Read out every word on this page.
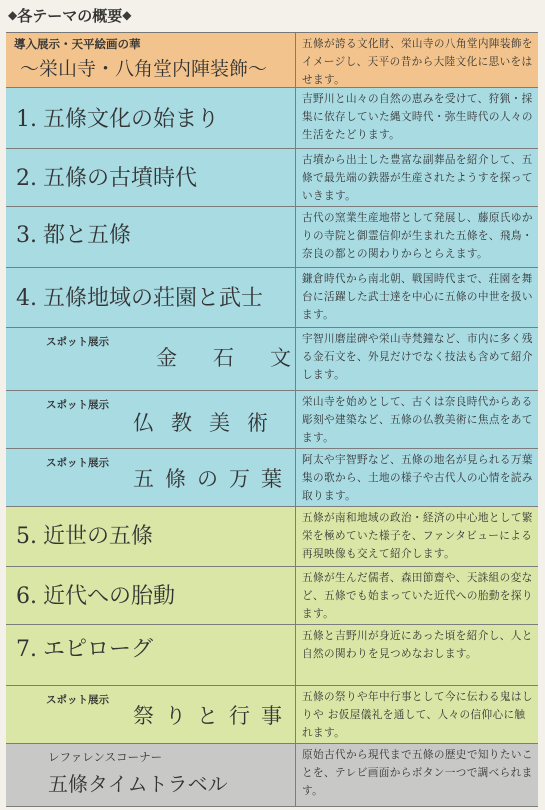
◆ 各テーマの概要 ◆
導入展示・天平絵画の華
～栄山寺・八角堂内陣装飾～
五條が誇る文化財、栄山寺の八角堂内陣装飾をイメージし、天平の昔から大陸文化に思いをはせます。
1. 五條文化の始まり
吉野川と山々の自然の恵みを受けて、狩猟・採集に依存していた縄文時代・弥生時代の人々の生活をたどります。
2. 五條の古墳時代
古墳から出土した豊富な副葬品を紹介して、五條で最先端の鉄器が生産されたようすを探っていきます。
3. 都と五條
古代の窯業生産地帯として発展し、藤原氏ゆかりの寺院と御霊信仰が生まれた五條を、飛鳥・奈良の都との関わりからとらえます。
4. 五條地域の荘園と武士
鎌倉時代から南北朝、戦国時代まで、荘園を舞台に活躍した武士達を中心に五條の中世を扱います。
スポット展示
金石文
宇智川磨崖碑や栄山寺梵鐘など、市内に多く残る金石文を、外見だけでなく技法も含めて紹介します。
スポット展示
仏教美術
栄山寺を始めとして、古くは奈良時代からある彫刻や建築など、五條の仏教美術に焦点をあてます。
スポット展示
五條の万葉
阿太や宇智野など、五條の地名が見られる万葉集の歌から、土地の様子や古代人の心情を読み取ります。
5. 近世の五條
五條が南和地域の政治・経済の中心地として繁栄を極めていた様子を、ファンタビューによる再現映像も交えて紹介します。
6. 近代への胎動
五條が生んだ儒者、森田節齋や、天誅組の変など、五條でも始まっていた近代への胎動を探ります。
7. エピローグ
五條と吉野川が身近にあった頃を紹介し、人と自然の関わりを見つめなおします。
スポット展示
祭りと行事
五條の祭りや年中行事として今に伝わる鬼はしりや お仮屋儀礼を通して、人々の信仰心に触れます。
レファレンスコーナー
五條タイムトラベル
原始古代から現代まで五條の歴史で知りたいことを、テレビ画面からボタン一つで調べられます。
